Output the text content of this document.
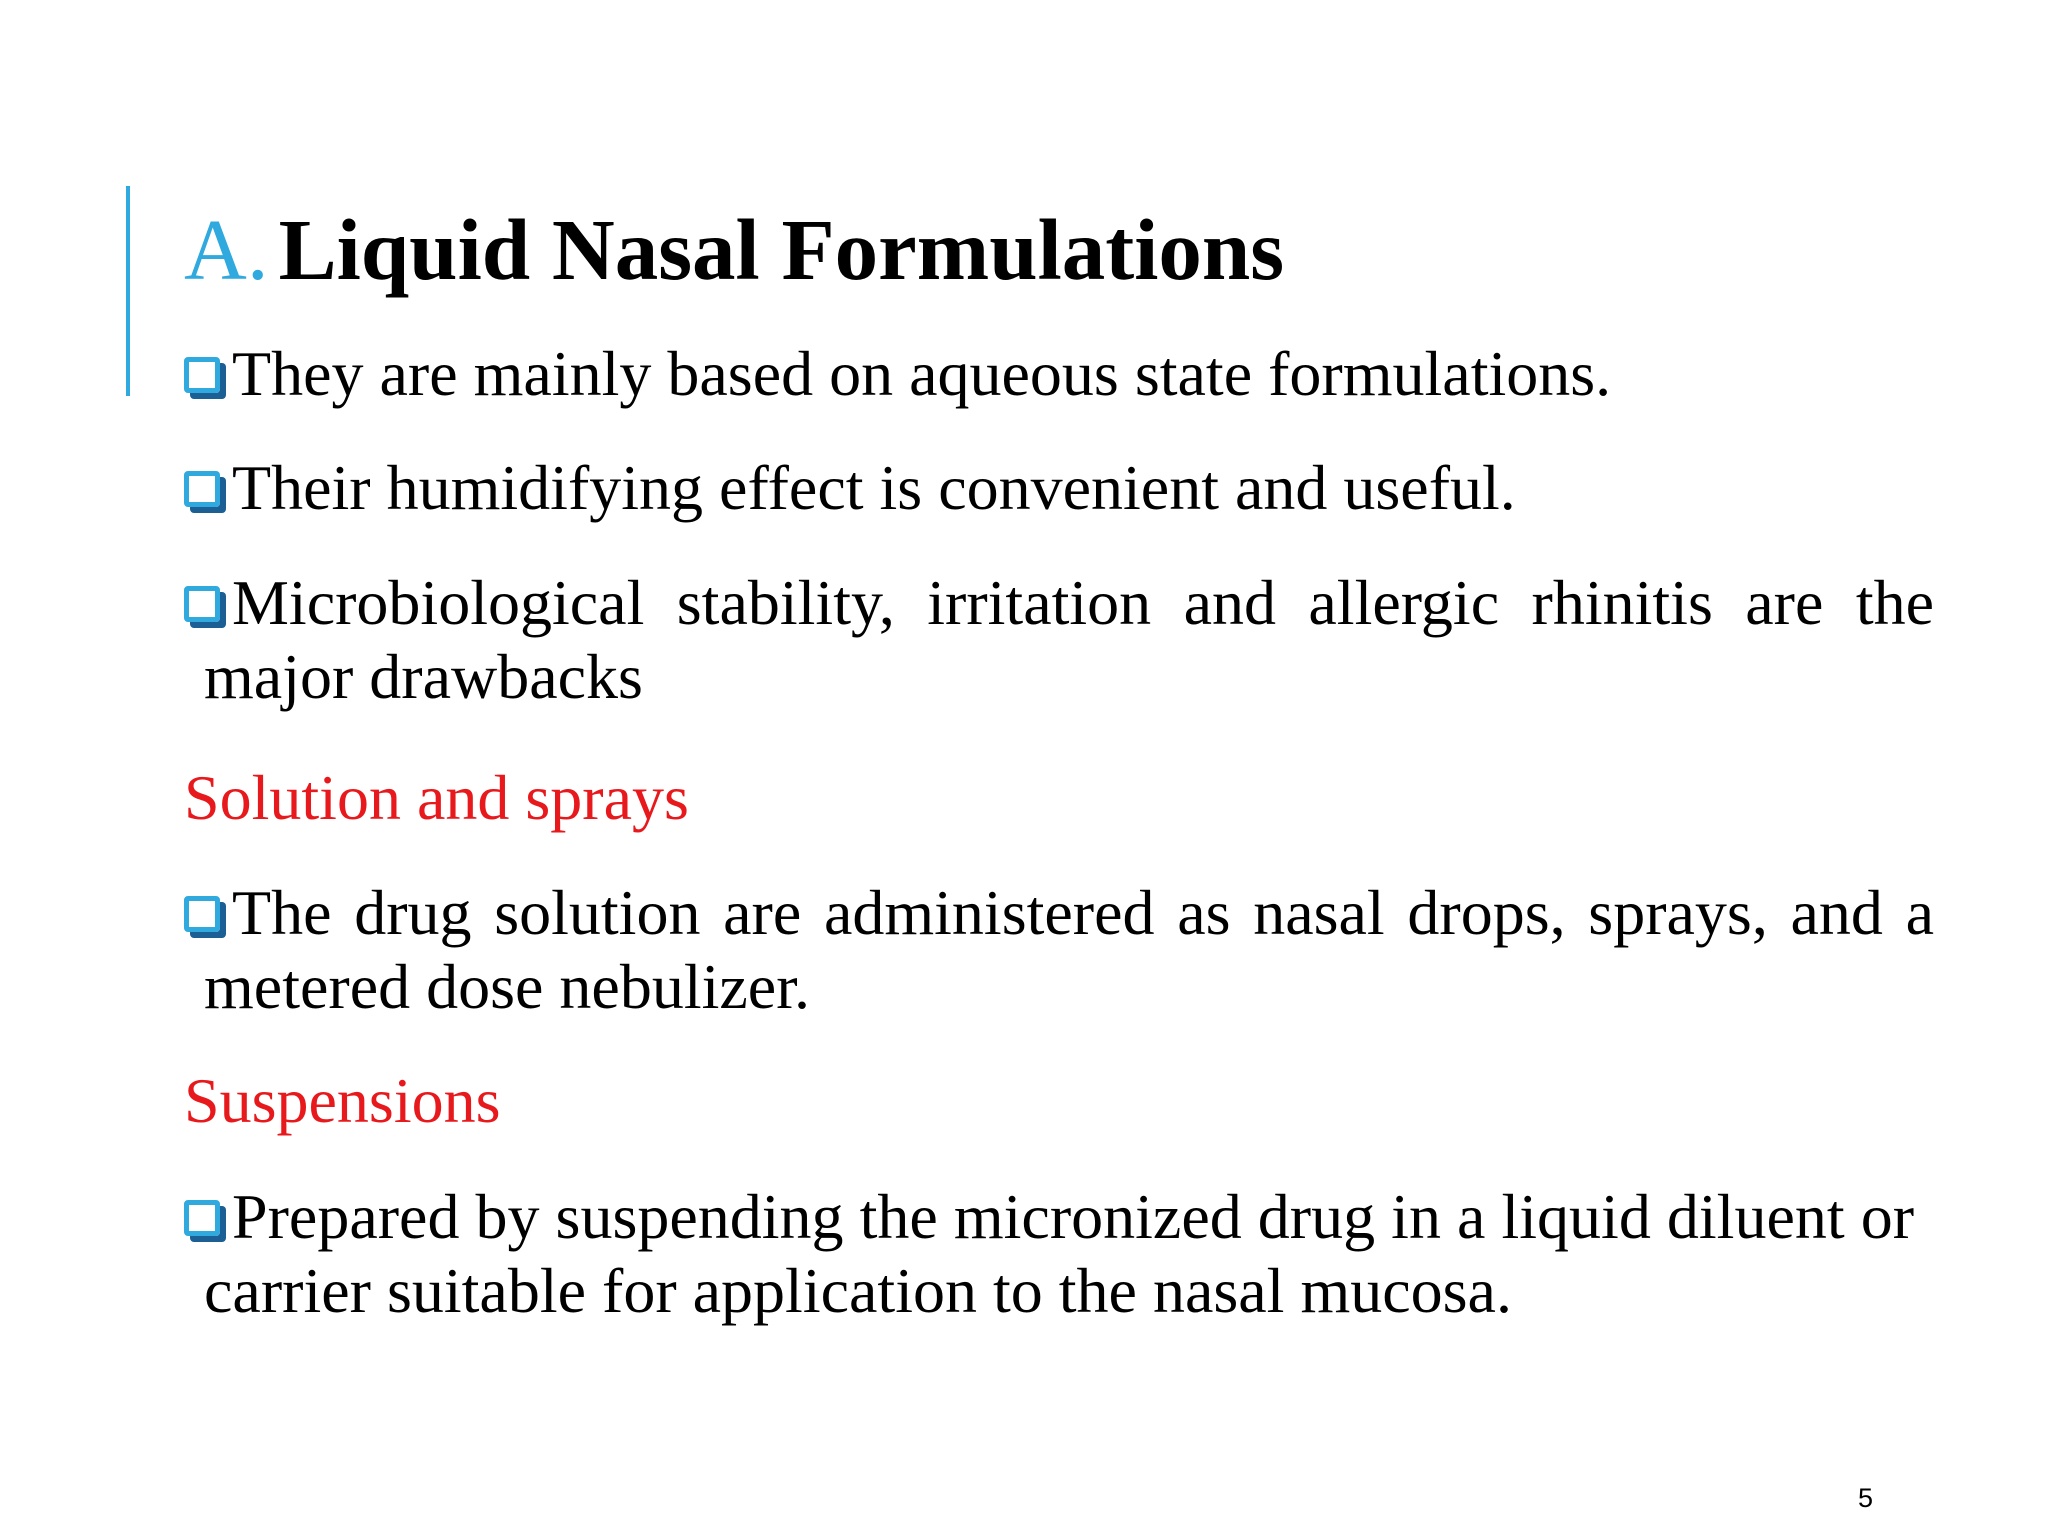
A. Liquid Nasal Formulations
They are mainly based on aqueous state formulations.
Their humidifying effect is convenient and useful.
Microbiological stability, irritation and allergic rhinitis are the major drawbacks
Solution and sprays
The drug solution are administered as nasal drops, sprays, and a metered dose nebulizer.
Suspensions
Prepared by suspending the micronized drug in a liquid diluent or carrier suitable for application to the nasal mucosa.
5
